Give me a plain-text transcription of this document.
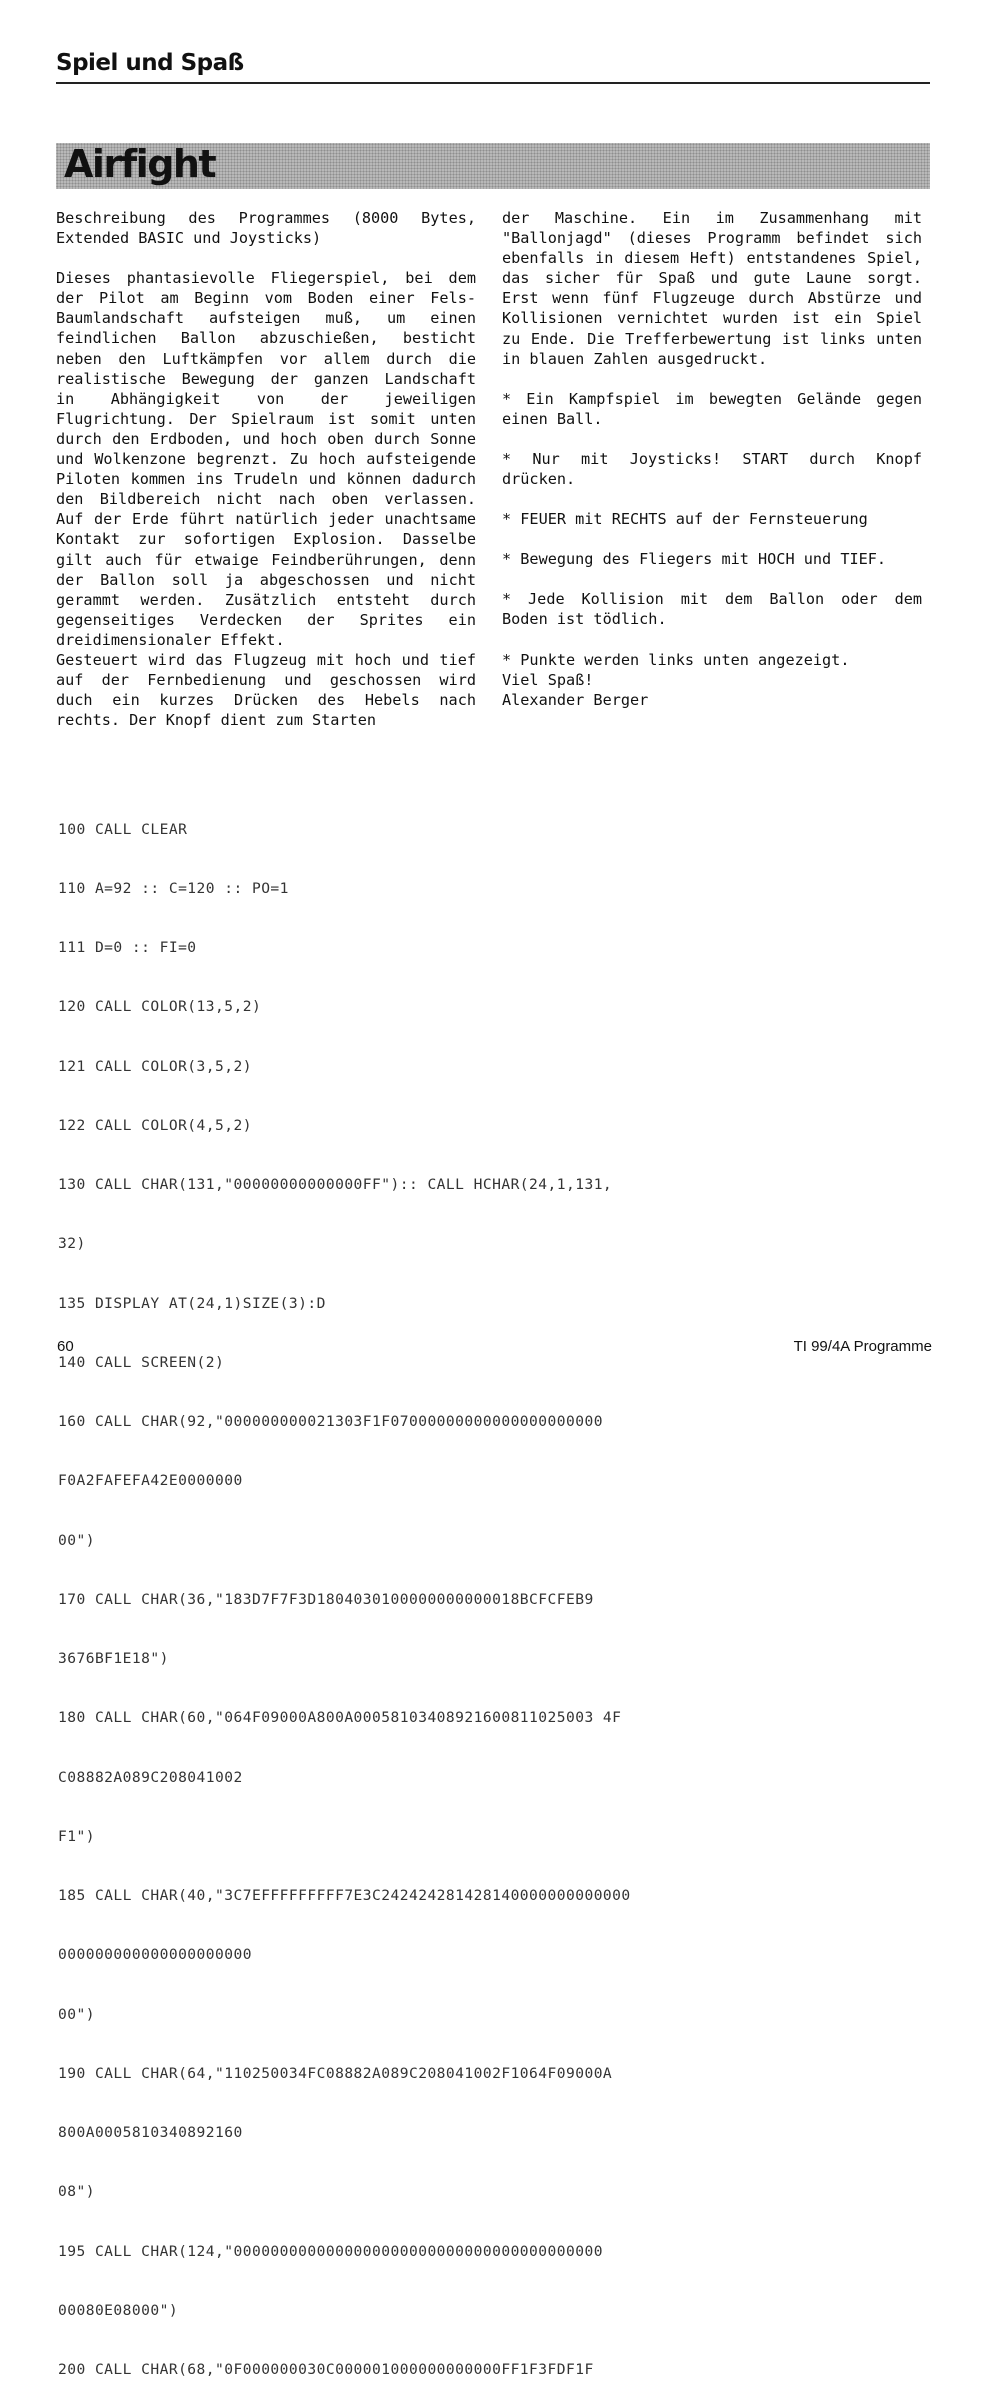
Spiel und Spaß
Airfight

Beschreibung des Programmes (8000 Bytes, Extended BASIC und Joysticks)

Dieses phantasievolle Fliegerspiel, bei dem der Pilot am Beginn vom Boden einer Fels-Baumlandschaft aufsteigen muß, um einen feindlichen Ballon abzuschießen, besticht neben den Luftkämpfen vor allem durch die realistische Bewegung der ganzen Landschaft in Abhängigkeit von der jeweiligen Flugrichtung. Der Spielraum ist somit unten durch den Erdboden, und hoch oben durch Sonne und Wolkenzone begrenzt. Zu hoch aufsteigende Piloten kommen ins Trudeln und können dadurch den Bildbereich nicht nach oben verlassen. Auf der Erde führt natürlich jeder unachtsame Kontakt zur sofortigen Explosion. Dasselbe gilt auch für etwaige Feindberührungen, denn der Ballon soll ja abgeschossen und nicht gerammt werden. Zusätzlich entsteht durch gegenseitiges Verdecken der Sprites ein dreidimensionaler Effekt.

Gesteuert wird das Flugzeug mit hoch und tief auf der Fernbedienung und geschossen wird duch ein kurzes Drücken des Hebels nach rechts. Der Knopf dient zum Starten

der Maschine. Ein im Zusammenhang mit "Ballonjagd" (dieses Programm befindet sich ebenfalls in diesem Heft) entstandenes Spiel, das sicher für Spaß und gute Laune sorgt. Erst wenn fünf Flugzeuge durch Abstürze und Kollisionen vernichtet wurden ist ein Spiel zu Ende. Die Trefferbewertung ist links unten in blauen Zahlen ausgedruckt.

* Ein Kampfspiel im bewegten Gelände gegen einen Ball.

* Nur mit Joysticks! START durch Knopf drücken.

* FEUER mit RECHTS auf der Fernsteuerung

* Bewegung des Fliegers mit HOCH und TIEF.

* Jede Kollision mit dem Ballon oder dem Boden ist tödlich.

* Punkte werden links unten angezeigt.

Viel Spaß!

Alexander Berger

100 CALL CLEAR

110 A=92 :: C=120 :: PO=1

111 D=0 :: FI=0

120 CALL COLOR(13,5,2)

121 CALL COLOR(3,5,2)

122 CALL COLOR(4,5,2)

130 CALL CHAR(131,"00000000000000FF"):: CALL HCHAR(24,1,131,

32)

135 DISPLAY AT(24,1)SIZE(3):D

140 CALL SCREEN(2)

160 CALL CHAR(92,"000000000021303F1F07000000000000000000000

F0A2FAFEFA42E0000000

00")

170 CALL CHAR(36,"183D7F7F3D1804030100000000000018BCFCFEB9

3676BF1E18")

180 CALL CHAR(60,"064F09000A800A00058103408921600811025003 4F

C08882A089C208041002

F1")

185 CALL CHAR(40,"3C7EFFFFFFFFF7E3C242424281428140000000000000

000000000000000000000

00")

190 CALL CHAR(64,"110250034FC08882A089C208041002F1064F09000A

800A0005810340892160

08")

195 CALL CHAR(124,"0000000000000000000000000000000000000000

00080E08000")

200 CALL CHAR(68,"0F000000030C000001000000000000FF1F3FDF1F

60	TI 99/4A Programme
